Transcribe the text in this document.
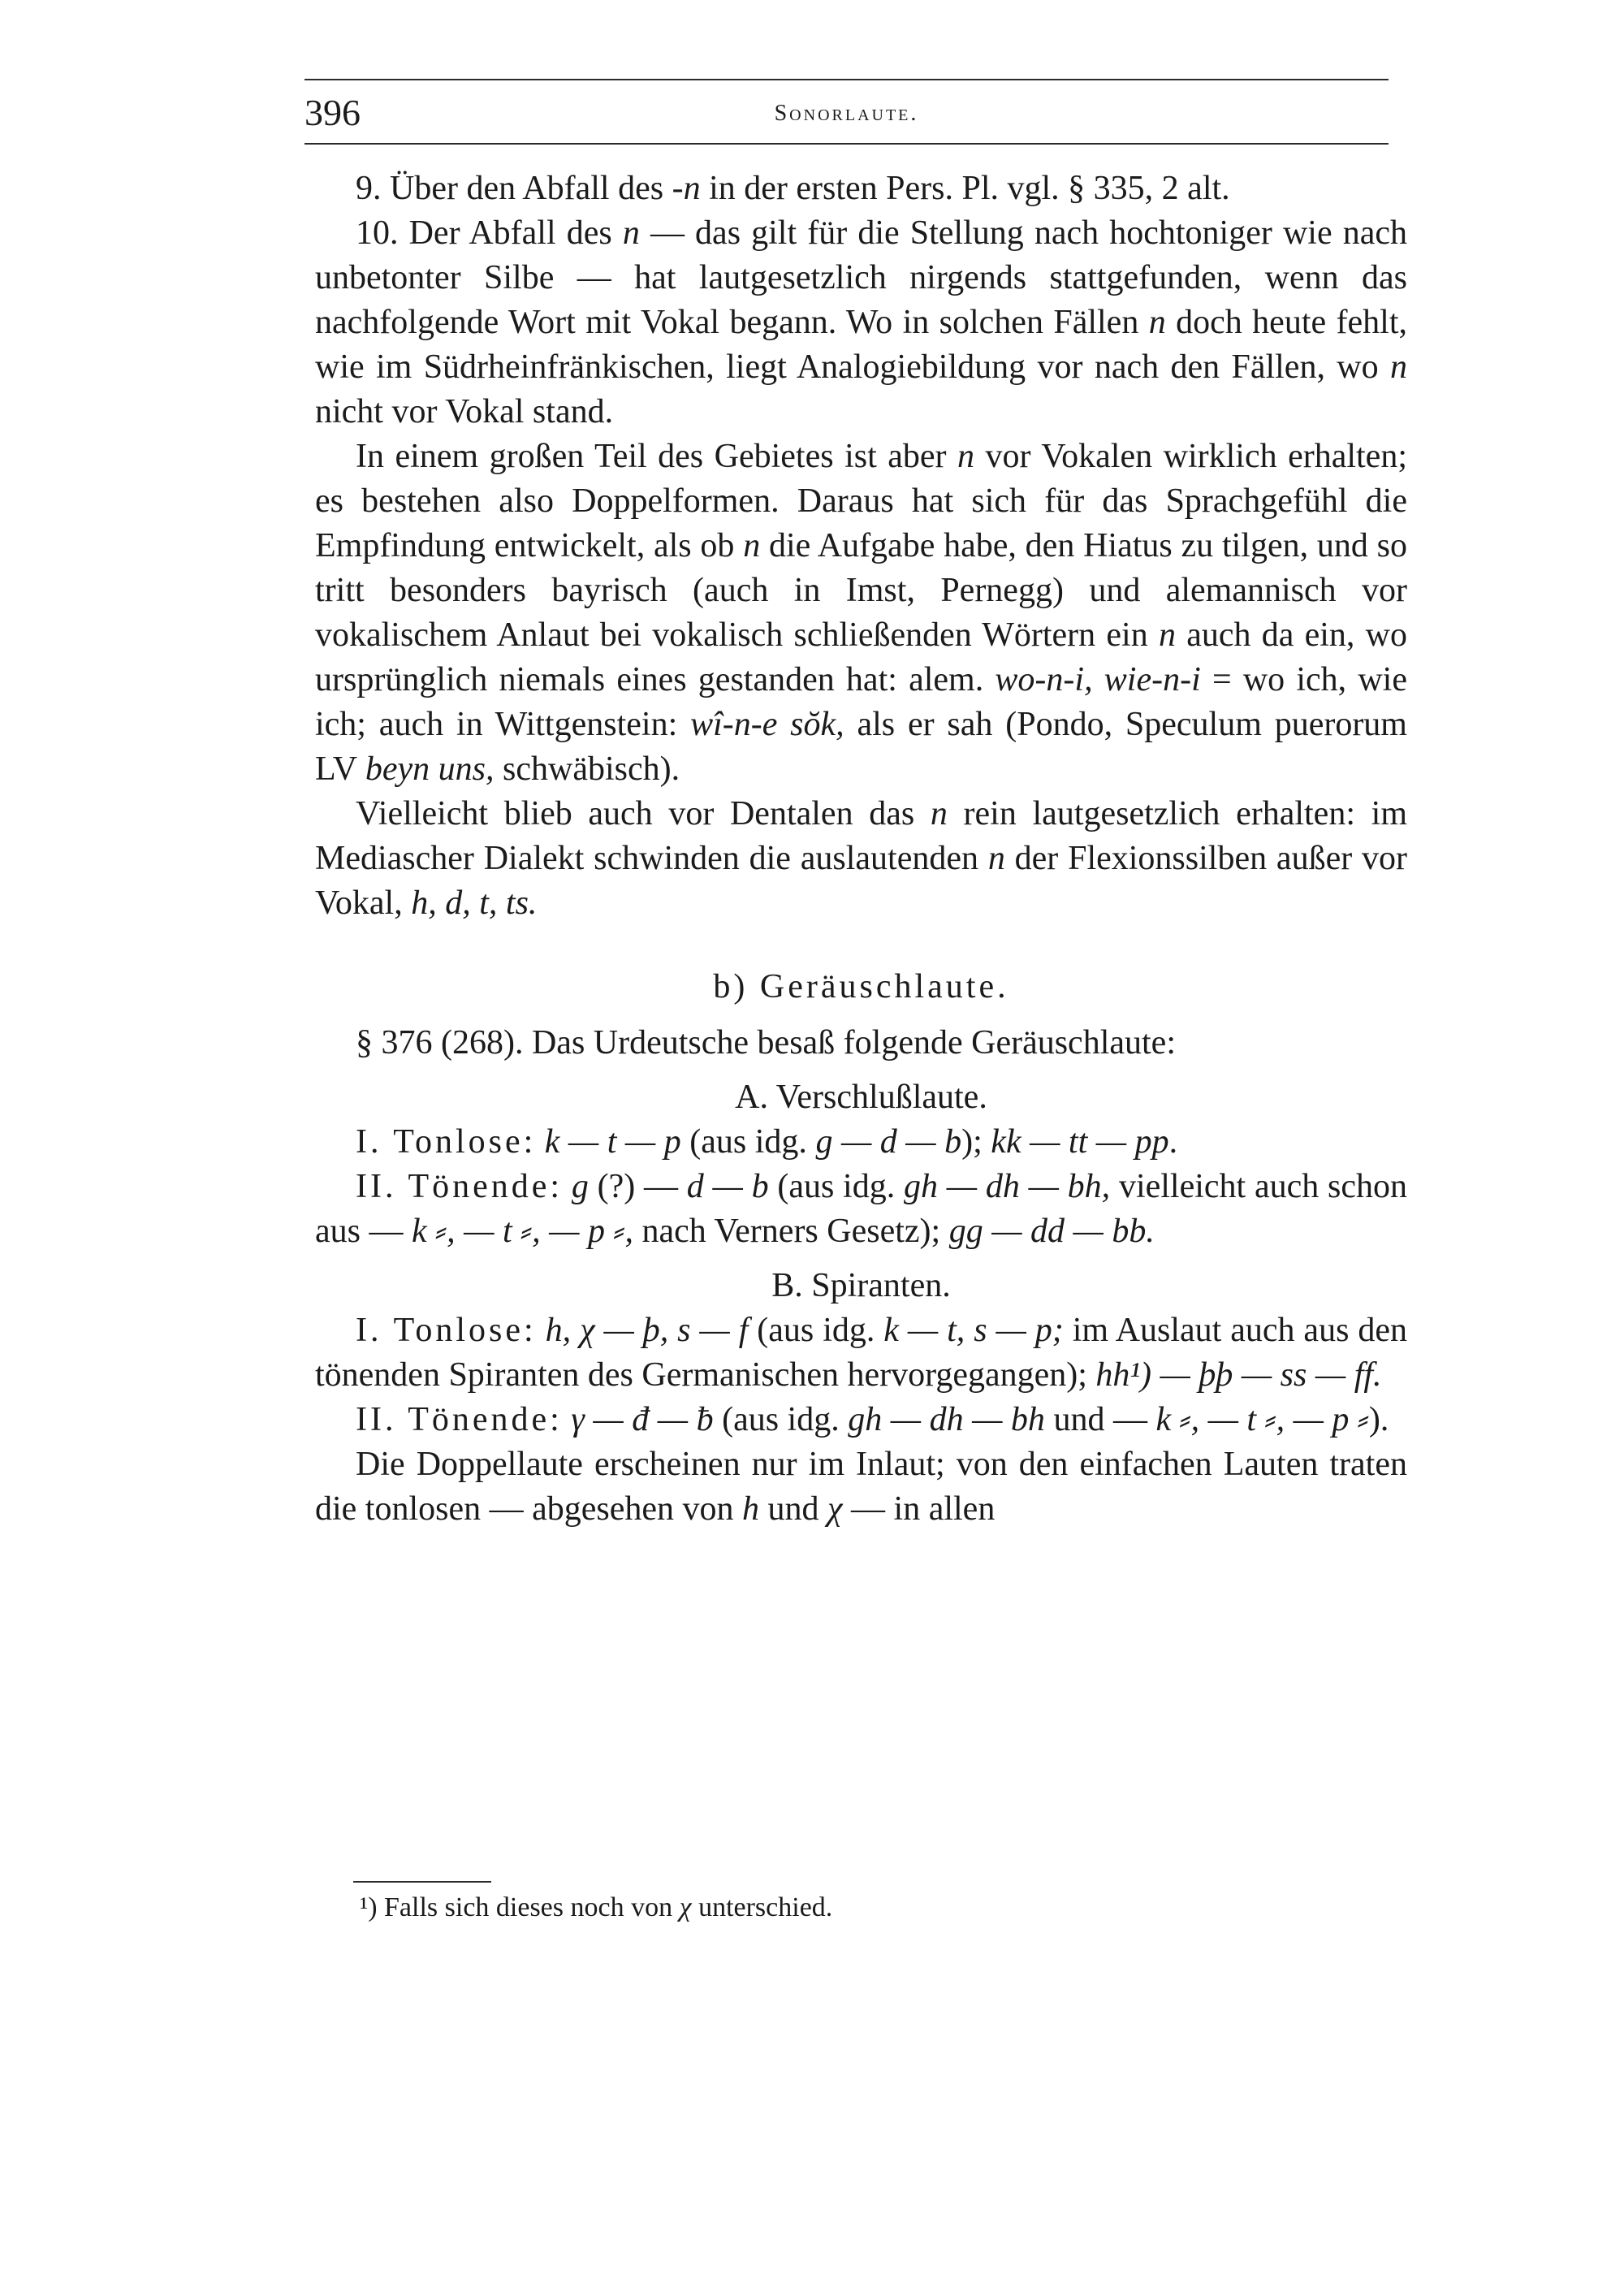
396	Sonorlaute.

9. Über den Abfall des -n in der ersten Pers. Pl. vgl. § 335, 2 alt.

10. Der Abfall des n — das gilt für die Stellung nach hochtoniger wie nach unbetonter Silbe — hat lautgesetzlich nirgends stattgefunden, wenn das nachfolgende Wort mit Vokal begann. Wo in solchen Fällen n doch heute fehlt, wie im Südrheinfränkischen, liegt Analogiebildung vor nach den Fällen, wo n nicht vor Vokal stand.

In einem großen Teil des Gebietes ist aber n vor Vokalen wirklich erhalten; es bestehen also Doppelformen. Daraus hat sich für das Sprachgefühl die Empfindung entwickelt, als ob n die Aufgabe habe, den Hiatus zu tilgen, und so tritt besonders bayrisch (auch in Imst, Pernegg) und alemannisch vor vokalischem Anlaut bei vokalisch schließenden Wörtern ein n auch da ein, wo ursprünglich niemals eines gestanden hat: alem. wo-n-i, wie-n-i = wo ich, wie ich; auch in Wittgenstein: wî-n-e sŏk, als er sah (Pondo, Speculum puerorum LV beyn uns, schwäbisch).

Vielleicht blieb auch vor Dentalen das n rein lautgesetzlich erhalten: im Mediascher Dialekt schwinden die auslautenden n der Flexionssilben außer vor Vokal, h, d, t, ts.

b) Geräuschlaute.

§ 376 (268). Das Urdeutsche besaß folgende Geräuschlaute:

A. Verschlußlaute.

I. Tonlose: k — t — p (aus idg. g — d — b); kk — tt — pp.

II. Tönende: g (?) — d — b (aus idg. gh — dh — bh, vielleicht auch schon aus — k ⸗, — t ⸗, — p ⸗, nach Verners Gesetz); gg — dd — bb.

B. Spiranten.

I. Tonlose: h, χ — þ, s — f (aus idg. k — t, s — p; im Auslaut auch aus den tönenden Spiranten des Germanischen hervorgegangen); hh¹) — þþ — ss — ff.

II. Tönende: γ — đ — ƀ (aus idg. gh — dh — bh und — k ⸗, — t ⸗, — p ⸗).

Die Doppellaute erscheinen nur im Inlaut; von den einfachen Lauten traten die tonlosen — abgesehen von h und χ — in allen

¹) Falls sich dieses noch von χ unterschied.
